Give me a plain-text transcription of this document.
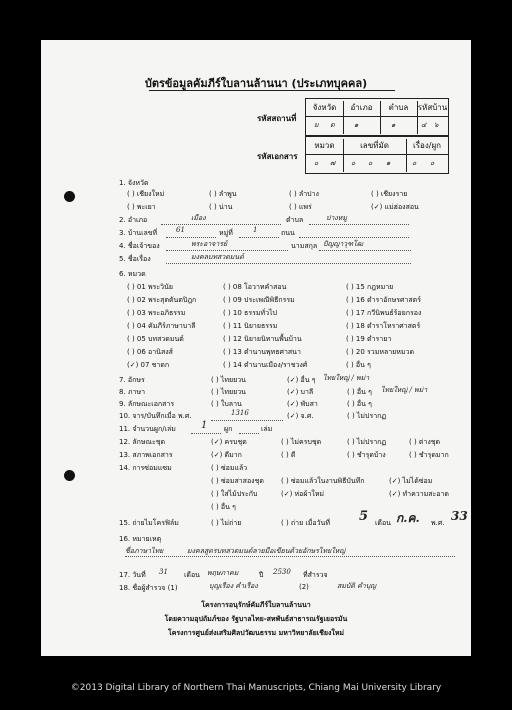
บัตรข้อมูลคัมภีร์ใบลานล้านนา (ประเภทบุคคล)
รหัสสถานที่
จังหวัด	อำเภอ	ตำบล	รหัสบ้าน
ม ต	๑	๑	๔ ๖
รหัสเอกสาร
หมวด	เลขที่มัด	เรื่อง/ผูก
๐ ๗ ๐ ๐ ๑	๐ ๐
1. จังหวัด
( ) เชียงใหม่	( ) ลำพูน	( ) ลำปาง	( ) เชียงราย
( ) พะเยา	( ) น่าน	( ) แพร่	(✓) แม่ฮ่องสอน
2. อำเภอ	เมือง	ตำบล	ปางหมู
3. บ้านเลขที่	61	หมู่ที่	1	ถนน
4. ชื่อเจ้าของ	พระอาจารย์	นามสกุล ปัญญาวุฑโฒ
5. ชื่อเรื่อง	มงคลบทสวดมนต์
6. หมวด
( ) 01 พระวินัย	( ) 08 โอวาทคำสอน	( ) 15 กฎหมาย
( ) 02 พระสุตตันตปิฎก	( ) 09 ประเพณีพิธีกรรม	( ) 16 ตำราอักษรศาสตร์
( ) 03 พระอภิธรรม	( ) 10 ธรรมทั่วไป	( ) 17 กวีนิพนธ์ร้อยกรอง
( ) 04 คัมภีร์ภาษาบาลี	( ) 11 นิยายธรรม	( ) 18 ตำราโหราศาสตร์
( ) 05 บทสวดมนต์	( ) 12 นิยายนิทานพื้นบ้าน	( ) 19 ตำรายา
( ) 06 อานิสงส์	( ) 13 ตำนานพุทธศาสนา	( ) 20 รวมหลายหมวด
(✓) 07 ชาดก	( ) 14 ตำนานเมือง/ราชวงศ์	( ) อื่น ๆ
7. อักษร	( ) ไทยยวน	(✓) อื่น ๆ ไทยใหญ่ / พม่า
8. ภาษา	( ) ไทยยวน	(✓) บาลี	( ) อื่น ๆ ไทยใหญ่ / พม่า
9. ลักษณะเอกสาร	( ) ใบลาน	(✓) พับสา	( ) อื่น ๆ
10. จาร/บันทึกเมื่อ พ.ศ.	1316	(✓) จ.ศ.	( ) ไม่ปรากฏ
11. จำนวนผูก/เล่ม	1 ผูก	เล่ม
12. ลักษณะชุด	(✓) ครบชุด	( ) ไม่ครบชุด	( ) ไม่ปรากฏ	( ) ต่างชุด
13. สภาพเอกสาร	(✓) ดีมาก	( ) ดี	( ) ชำรุดบ้าง	( ) ชำรุดมาก
14. การซ่อมแซม	( ) ซ่อมแล้ว
( ) ซ่อมสาสองชุด ( ) ซ่อมแล้วในงานพิธีบันทึก	(✓) ไม่ได้ซ่อม
( ) ใส่ไม้ประกับ	(✓) ห่อผ้าใหม่	(✓) ทำความสะอาด
( ) อื่น ๆ
15. ถ่ายไมโครฟิล์ม	( ) ไม่ถ่าย	( ) ถ่าย เมื่อวันที่ 5 เดือน ก.ค. พ.ศ. 33
16. หมายเหตุ
ชื่อภาษาไทย	มงคลสูตรบทสวดมนต์ลายมือเขียนด้วยอักษรไทยใหญ่
17. วันที่ 31 เดือน พฤษภาคม	ปี 2530 ที่สำรวจ
18. ชื่อผู้สำรวจ (1)	บุญเรือง คำเรือง	(2)	สมบัติ คำบุญ
โครงการอนุรักษ์คัมภีร์ใบลานล้านนา
โดยความอุปถัมภ์ของ รัฐบาลไทย-สหพันธ์สาธารณรัฐเยอรมัน
โครงการศูนย์ส่งเสริมศิลปวัฒนธรรม มหาวิทยาลัยเชียงใหม่
©2013 Digital Library of Northern Thai Manuscripts, Chiang Mai University Library
